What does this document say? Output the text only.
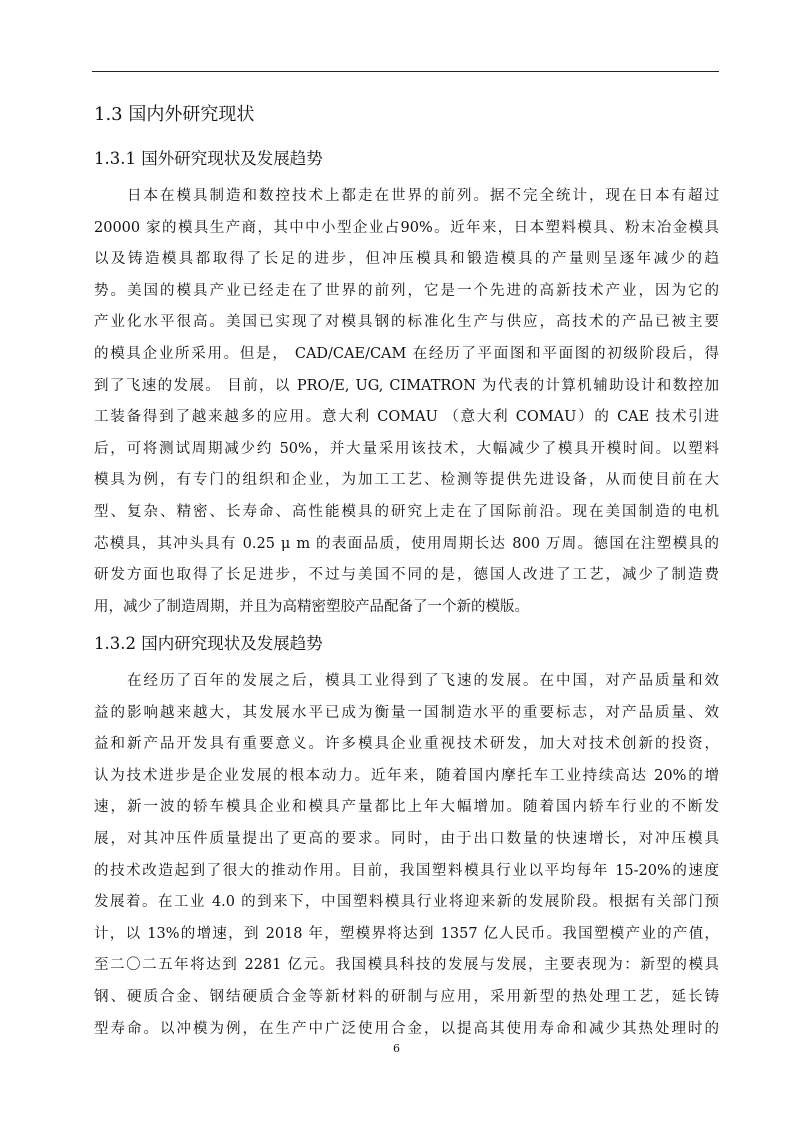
1.3 国内外研究现状
1.3.1 国外研究现状及发展趋势
日本在模具制造和数控技术上都走在世界的前列。据不完全统计，现在日本有超过
20000 家的模具生产商，其中中小型企业占90%。近年来，日本塑料模具、粉末冶金模具
以及铸造模具都取得了长足的进步，但冲压模具和锻造模具的产量则呈逐年减少的趋
势。美国的模具产业已经走在了世界的前列，它是一个先进的高新技术产业，因为它的
产业化水平很高。美国已实现了对模具钢的标准化生产与供应，高技术的产品已被主要
的模具企业所采用。但是， CAD/CAE/CAM 在经历了平面图和平面图的初级阶段后，得
到了飞速的发展。 目前，以 PRO/E, UG, CIMATRON 为代表的计算机辅助设计和数控加
工装备得到了越来越多的应用。意大利 COMAU （意大利 COMAU）的 CAE 技术引进
后，可将测试周期减少约 50%，并大量采用该技术，大幅减少了模具开模时间。以塑料
模具为例，有专门的组织和企业，为加工工艺、检测等提供先进设备，从而使目前在大
型、复杂、精密、长寿命、高性能模具的研究上走在了国际前沿。现在美国制造的电机
芯模具，其冲头具有 0.25 μ m 的表面品质，使用周期长达 800 万周。德国在注塑模具的
研发方面也取得了长足进步，不过与美国不同的是，德国人改进了工艺，减少了制造费
用，减少了制造周期，并且为高精密塑胶产品配备了一个新的模版。
1.3.2 国内研究现状及发展趋势
在经历了百年的发展之后，模具工业得到了飞速的发展。在中国，对产品质量和效
益的影响越来越大，其发展水平已成为衡量一国制造水平的重要标志，对产品质量、效
益和新产品开发具有重要意义。许多模具企业重视技术研发，加大对技术创新的投资，
认为技术进步是企业发展的根本动力。近年来，随着国内摩托车工业持续高达 20%的增
速，新一波的轿车模具企业和模具产量都比上年大幅增加。随着国内轿车行业的不断发
展，对其冲压件质量提出了更高的要求。同时，由于出口数量的快速增长，对冲压模具
的技术改造起到了很大的推动作用。目前，我国塑料模具行业以平均每年 15-20%的速度
发展着。在工业 4.0 的到来下，中国塑料模具行业将迎来新的发展阶段。根据有关部门预
计，以 13%的增速，到 2018 年，塑模界将达到 1357 亿人民币。我国塑模产业的产值，
至二〇二五年将达到 2281 亿元。我国模具科技的发展与发展，主要表现为：新型的模具
钢、硬质合金、钢结硬质合金等新材料的研制与应用，采用新型的热处理工艺，延长铸
型寿命。以冲模为例，在生产中广泛使用合金，以提高其使用寿命和减少其热处理时的
6
